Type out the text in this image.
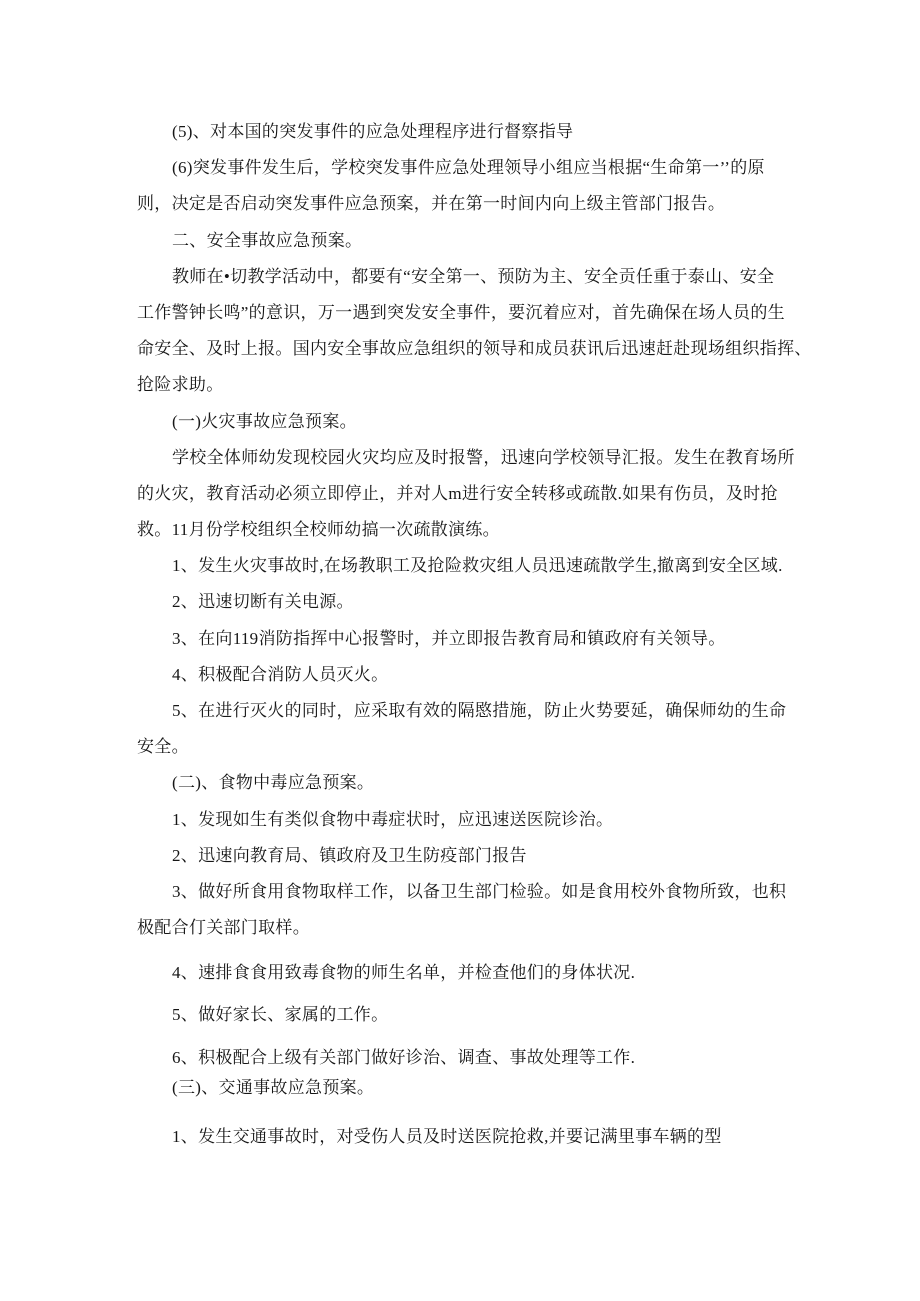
(5)、对本国的突发事件的应急处理程序进行督察指导
(6)突发事件发生后，学校突发事件应急处理领导小组应当根据“生命第一’’的原
则，决定是否启动突发事件应急预案，并在第一时间内向上级主管部门报告。
二、安全事故应急预案。
教师在•切教学活动中，都要有“安全第一、预防为主、安全贡任重于泰山、安全
工作警钟长鸣”的意识，万一遇到突发安全事件，要沉着应对，首先确保在场人员的生
命安全、及时上报。国内安全事故应急组织的领导和成员获讯后迅速赶赴现场组织指挥、
抢险求助。
(一)火灾事故应急预案。
学校全体师幼发现校园火灾均应及时报警，迅速向学校领导汇报。发生在教育场所
的火灾，教育活动必须立即停止，并对人m进行安全转移或疏散.如果有伤员，及时抢
救。11月份学校组织全校师幼搞一次疏散演练。
1、发生火灾事故时,在场教职工及抢险救灾组人员迅速疏散学生,撤离到安全区域.
2、迅速切断有关电源。
3、在向119消防指挥中心报警时，并立即报告教育局和镇政府有关领导。
4、积极配合消防人员灭火。
5、在进行灭火的同时，应采取有效的隔愍措施，防止火势要延，确保师幼的生命
安全。
(二)、食物中毒应急预案。
1、发现如生有类似食物中毒症状时，应迅速送医院诊治。
2、迅速向教育局、镇政府及卫生防疫部门报告
3、做好所食用食物取样工作，以备卫生部门检验。如是食用校外食物所致，也积
极配合仃关部门取样。
4、速排食食用致毒食物的师生名单，并检查他们的身体状况.
5、做好家长、家属的工作。
6、积极配合上级有关部门做好诊治、调查、事故处理等工作.
(三)、交通事故应急预案。
1、发生交通事故时，对受伤人员及时送医院抢救,并要记满里事车辆的型
